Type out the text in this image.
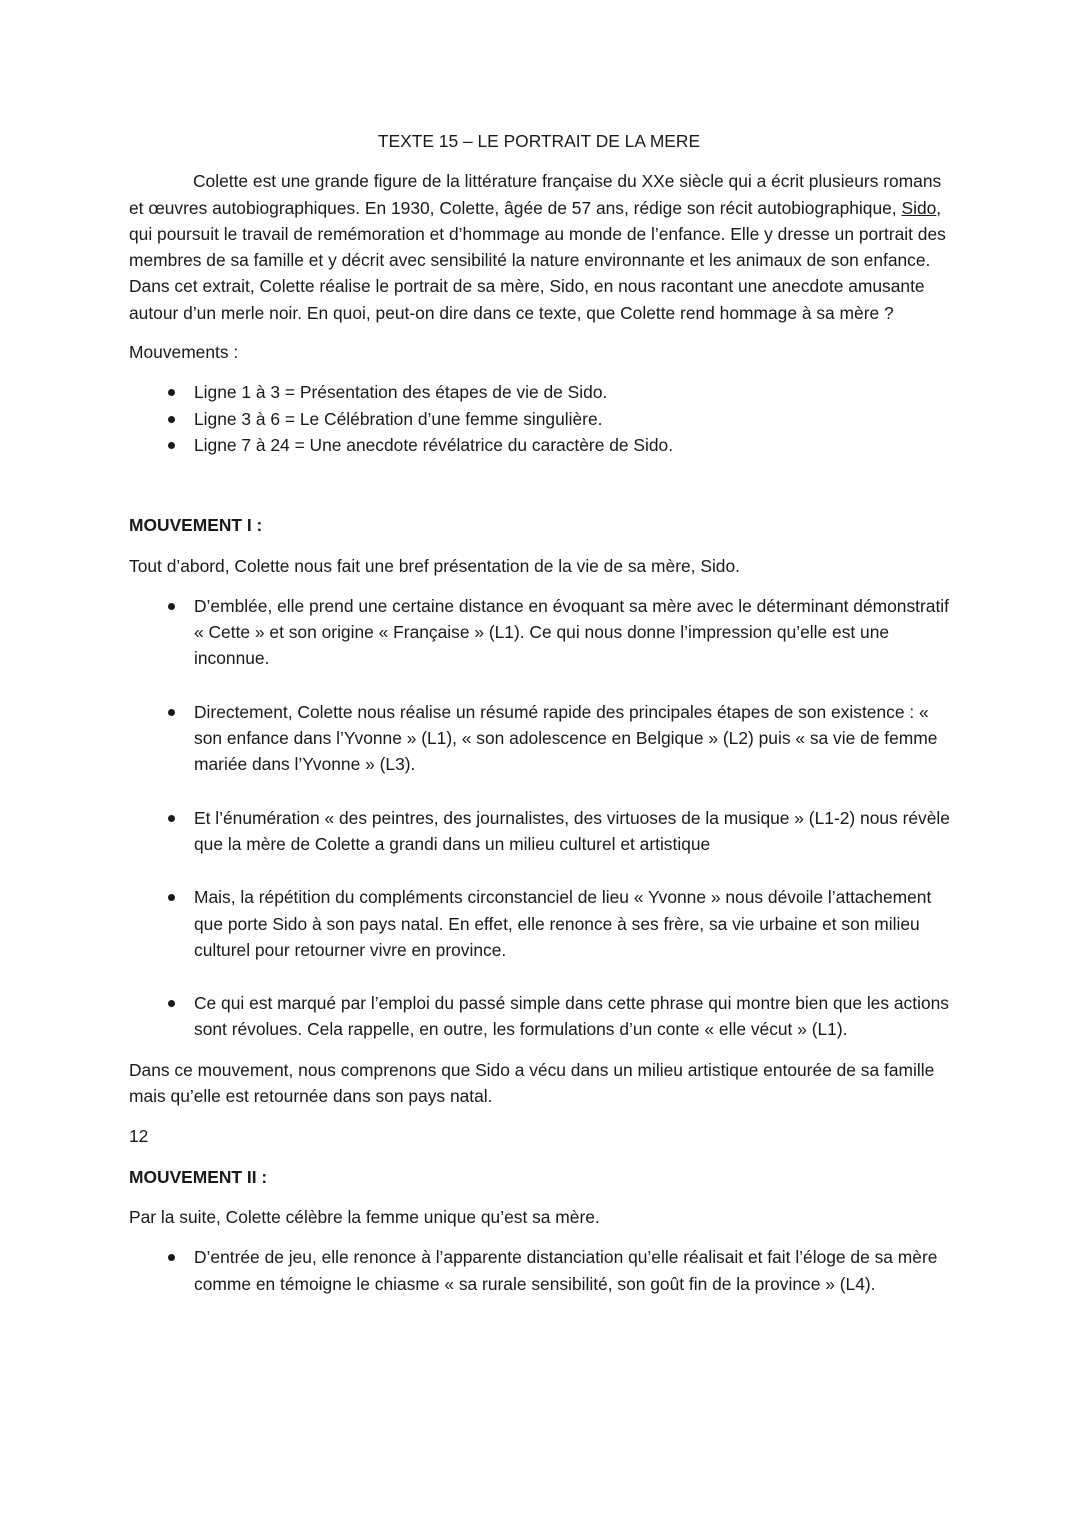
TEXTE 15 – LE PORTRAIT DE LA MERE

Colette est une grande figure de la littérature française du XXe siècle qui a écrit plusieurs romans et œuvres autobiographiques. En 1930, Colette, âgée de 57 ans, rédige son récit autobiographique, Sido, qui poursuit le travail de remémoration et d’hommage au monde de l’enfance. Elle y dresse un portrait des membres de sa famille et y décrit avec sensibilité la nature environnante et les animaux de son enfance. Dans cet extrait, Colette réalise le portrait de sa mère, Sido, en nous racontant une anecdote amusante autour d’un merle noir. En quoi, peut-on dire dans ce texte, que Colette rend hommage à sa mère ?

Mouvements :

Ligne 1 à 3 = Présentation des étapes de vie de Sido.
Ligne 3 à 6 = Le Célébration d’une femme singulière.
Ligne 7 à 24 = Une anecdote révélatrice du caractère de Sido.

MOUVEMENT I :

Tout d’abord, Colette nous fait une bref présentation de la vie de sa mère, Sido.

D’emblée, elle prend une certaine distance en évoquant sa mère avec le déterminant démonstratif « Cette » et son origine « Française » (L1). Ce qui nous donne l’impression qu’elle est une inconnue.
Directement, Colette nous réalise un résumé rapide des principales étapes de son existence : « son enfance dans l’Yvonne » (L1), « son adolescence en Belgique » (L2) puis « sa vie de femme mariée dans l’Yvonne » (L3).
Et l’énumération « des peintres, des journalistes, des virtuoses de la musique » (L1-2) nous révèle que la mère de Colette a grandi dans un milieu culturel et artistique
Mais, la répétition du compléments circonstanciel de lieu « Yvonne » nous dévoile l’attachement que porte Sido à son pays natal. En effet, elle renonce à ses frère, sa vie urbaine et son milieu culturel pour retourner vivre en province.
Ce qui est marqué par l’emploi du passé simple dans cette phrase qui montre bien que les actions sont révolues. Cela rappelle, en outre, les formulations d’un conte « elle vécut » (L1).

Dans ce mouvement, nous comprenons que Sido a vécu dans un milieu artistique entourée de sa famille mais qu’elle est retournée dans son pays natal.

12

MOUVEMENT II :

Par la suite, Colette célèbre la femme unique qu’est sa mère.

D’entrée de jeu, elle renonce à l’apparente distanciation qu’elle réalisait et fait l’éloge de sa mère comme en témoigne le chiasme « sa rurale sensibilité, son goût fin de la province » (L4).
